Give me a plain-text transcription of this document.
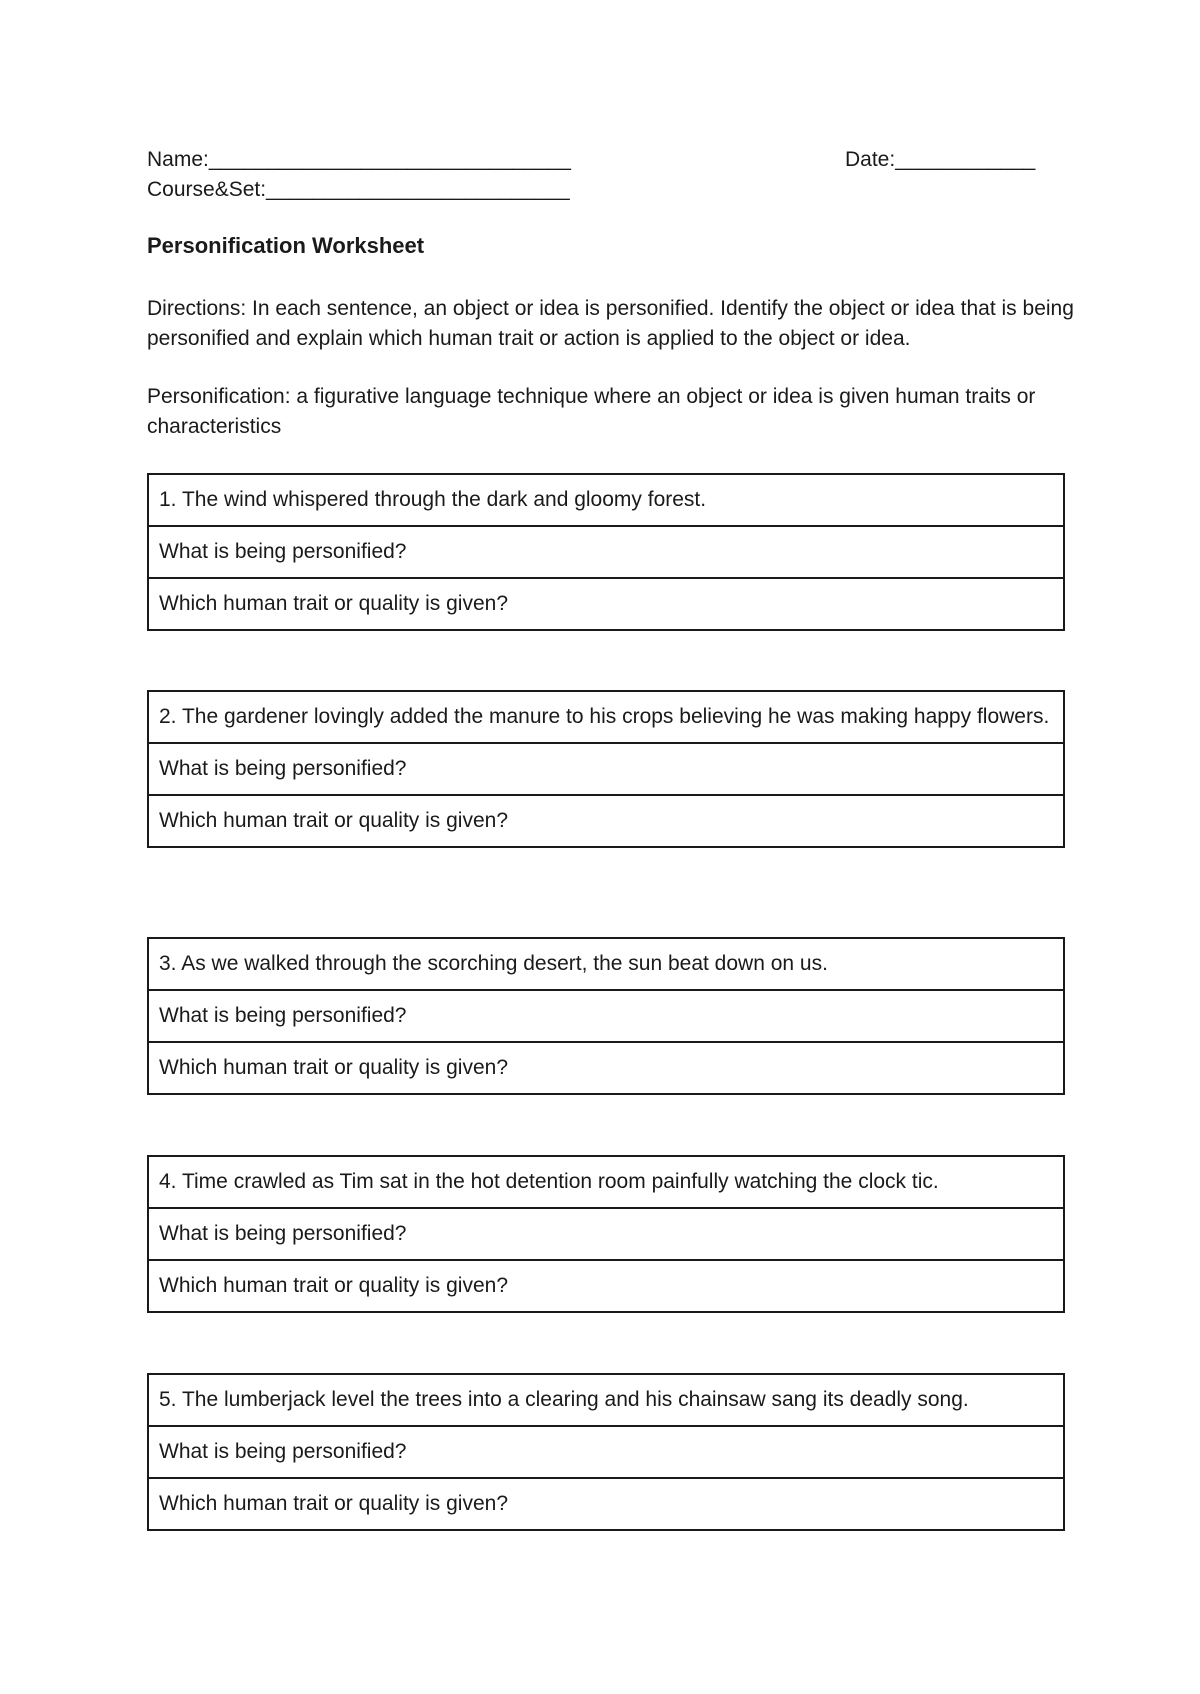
Name:_______________________________	Date:____________
Course&Set:__________________________
Personification Worksheet
Directions: In each sentence, an object or idea is personified. Identify the object or idea that is being personified and explain which human trait or action is applied to the object or idea.
Personification: a figurative language technique where an object or idea is given human traits or characteristics
1. The wind whispered through the dark and gloomy forest.
What is being personified?
Which human trait or quality is given?
2. The gardener lovingly added the manure to his crops believing he was making happy flowers.
What is being personified?
Which human trait or quality is given?
3. As we walked through the scorching desert, the sun beat down on us.
What is being personified?
Which human trait or quality is given?
4. Time crawled as Tim sat in the hot detention room painfully watching the clock tic.
What is being personified?
Which human trait or quality is given?
5. The lumberjack level the trees into a clearing and his chainsaw sang its deadly song.
What is being personified?
Which human trait or quality is given?
